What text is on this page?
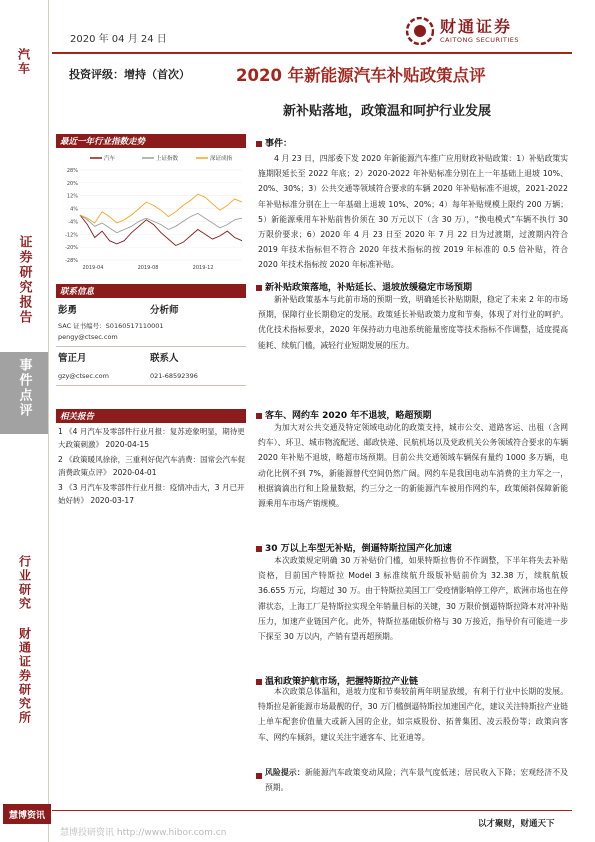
汽车
证券研究报告
事件点评
行业研究 财通证券研究所
2020 年 04 月 24 日
财通证券
CAITONG SECURITIES
投资评级：增持（首次）	2020 年新能源汽车补贴政策点评
新补贴落地，政策温和呵护行业发展
最近一年行业指数走势
汽车	上证指数	深证成指
28%
20%
12%
4%
-4%
-12%
-20%
-28%
2019-04	2019-08	2019-12
联系信息
彭勇	分析师
SAC 证书编号：S0160517110001
pengy@ctsec.com
管正月	联系人
gzy@ctsec.com	021-68592396
相关报告
1 《4 月汽车及零部件行业月报：复苏迹象明显，期待更大政策刺激》 2020-04-15
2 《政策暖风徐徐，三重利好促汽车消费：国常会汽车促消费政策点评》 2020-04-01
3 《3 月汽车及零部件行业月报：疫情冲击大，3 月已开始好转》 2020-03-17
事件：
4 月 23 日，四部委下发 2020 年新能源汽车推广应用财政补贴政策：1）补贴政策实施期限延长至 2022 年底；2）2020-2022 年补贴标准分别在上一年基础上退坡 10%、20%、30%；3）公共交通等领域符合要求的车辆 2020 年补贴标准不退坡，2021-2022 年补贴标准分别在上一年基础上退坡 10%、20%；4）每年补贴规模上限约 200 万辆；5）新能源乘用车补贴前售价须在 30 万元以下（含 30 万），“换电模式”车辆不执行 30 万限价要求；6）2020 年 4 月 23 日至 2020 年 7 月 22 日为过渡期，过渡期内符合 2019 年技术指标但不符合 2020 年技术指标的按 2019 年标准的 0.5 倍补贴，符合 2020 年技术指标按 2020 年标准补贴。
新补贴政策落地，补贴延长、退坡放缓稳定市场预期
新补贴政策基本与此前市场的预期一致，明确延长补贴期限，稳定了未来 2 年的市场预期，保障行业长期稳定的发展。政策延长补贴政策力度和节奏，体现了对行业的呵护。优化技术指标要求，2020 年保持动力电池系统能量密度等技术指标不作调整，适度提高能耗、续航门槛，减轻行业短期发展的压力。
客车、网约车 2020 年不退坡，略超预期
为加大对公共交通及特定领域电动化的政策支持，城市公交、道路客运、出租（含网约车）、环卫、城市物流配送、邮政快递、民航机场以及党政机关公务领域符合要求的车辆 2020 年补贴不退坡，略超市场预期。目前公共交通领域车辆保有量约 1000 多万辆，电动化比例不到 7%，新能源替代空间仍然广阔。网约车是我国电动车消费的主力军之一，根据滴滴出行和上险量数据，约三分之一的新能源汽车被用作网约车，政策倾斜保障新能源乘用车市场产销规模。
30 万以上车型无补贴，倒逼特斯拉国产化加速
本次政策规定明确 30 万补贴价门槛，如果特斯拉售价不作调整，下半年将失去补贴资格，目前国产特斯拉 Model 3 标准续航升级版补贴前价为 32.38 万，续航航版 36.655 万元，均超过 30 万。由于特斯拉美国工厂受疫情影响停工停产，欧洲市场也在停滞状态，上海工厂是特斯拉实现全年销量目标的关键，30 万限价倒逼特斯拉降本对冲补贴压力，加速产业链国产化。此外，特斯拉基础版价格与 30 万接近，指导价有可能进一步下探至 30 万以内，产销有望再超预期。
温和政策护航市场，把握特斯拉产业链
本次政策总体温和，退坡力度和节奏较前两年明显放缓，有利于行业中长期的发展。特斯拉是新能源市场最靓的仔，30 万门槛倒逼特斯拉加速国产化，建议关注特斯拉产业链上单车配套价值量大或新入国的企业，如宗威股份、拓普集团、凌云股份等；政策向客车、网约车倾斜，建议关注宇通客车、比亚迪等。
风险提示：新能源汽车政策变动风险；汽车景气度低迷；居民收入下降；宏观经济不及预期。
以才聚财，财通天下
慧博资讯
慧博投研资讯 http://www.hibor.com.cn
